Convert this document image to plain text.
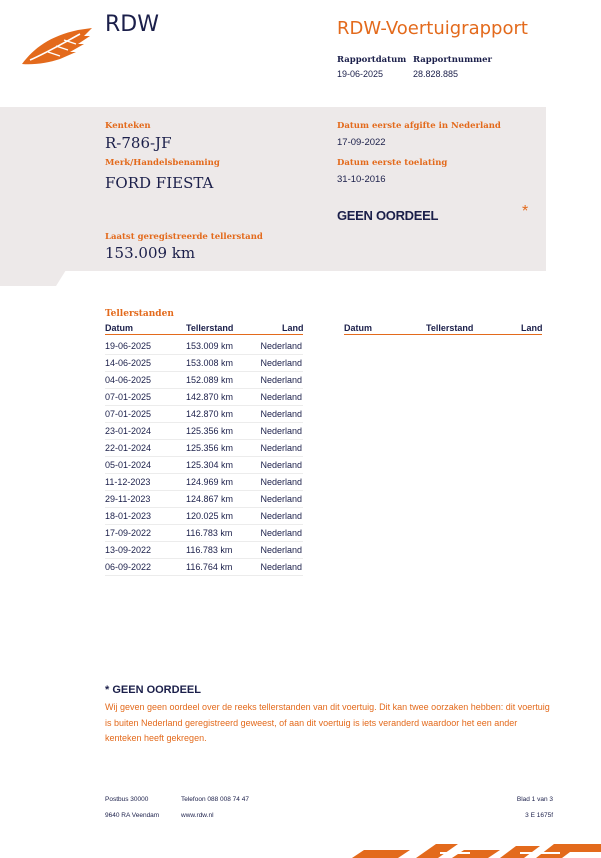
RDW	RDW-Voertuigrapport
Rapportdatum
19-06-2025
Rapportnummer
28.828.885
Kenteken
R-786-JF
Merk/Handelsbenaming
FORD FIESTA
Datum eerste afgifte in Nederland
17-09-2022
Datum eerste toelating
31-10-2016
GEEN OORDEEL	*
Laatst geregistreerde tellerstand
153.009 km
Tellerstanden
Datum	Tellerstand	Land	Datum	Tellerstand	Land
19-06-2025	153.009 km	Nederland
14-06-2025	153.008 km	Nederland
04-06-2025	152.089 km	Nederland
07-01-2025	142.870 km	Nederland
07-01-2025	142.870 km	Nederland
23-01-2024	125.356 km	Nederland
22-01-2024	125.356 km	Nederland
05-01-2024	125.304 km	Nederland
11-12-2023	124.969 km	Nederland
29-11-2023	124.867 km	Nederland
18-01-2023	120.025 km	Nederland
17-09-2022	116.783 km	Nederland
13-09-2022	116.783 km	Nederland
06-09-2022	116.764 km	Nederland
* GEEN OORDEEL
Wij geven geen oordeel over de reeks tellerstanden van dit voertuig. Dit kan twee oorzaken hebben: dit voertuig is buiten Nederland geregistreerd geweest, of aan dit voertuig is iets veranderd waardoor het een ander kenteken heeft gekregen.
Postbus 30000
9640 RA Veendam
Telefoon 088 008 74 47
www.rdw.nl
Blad 1 van 3
3 E 1675f
